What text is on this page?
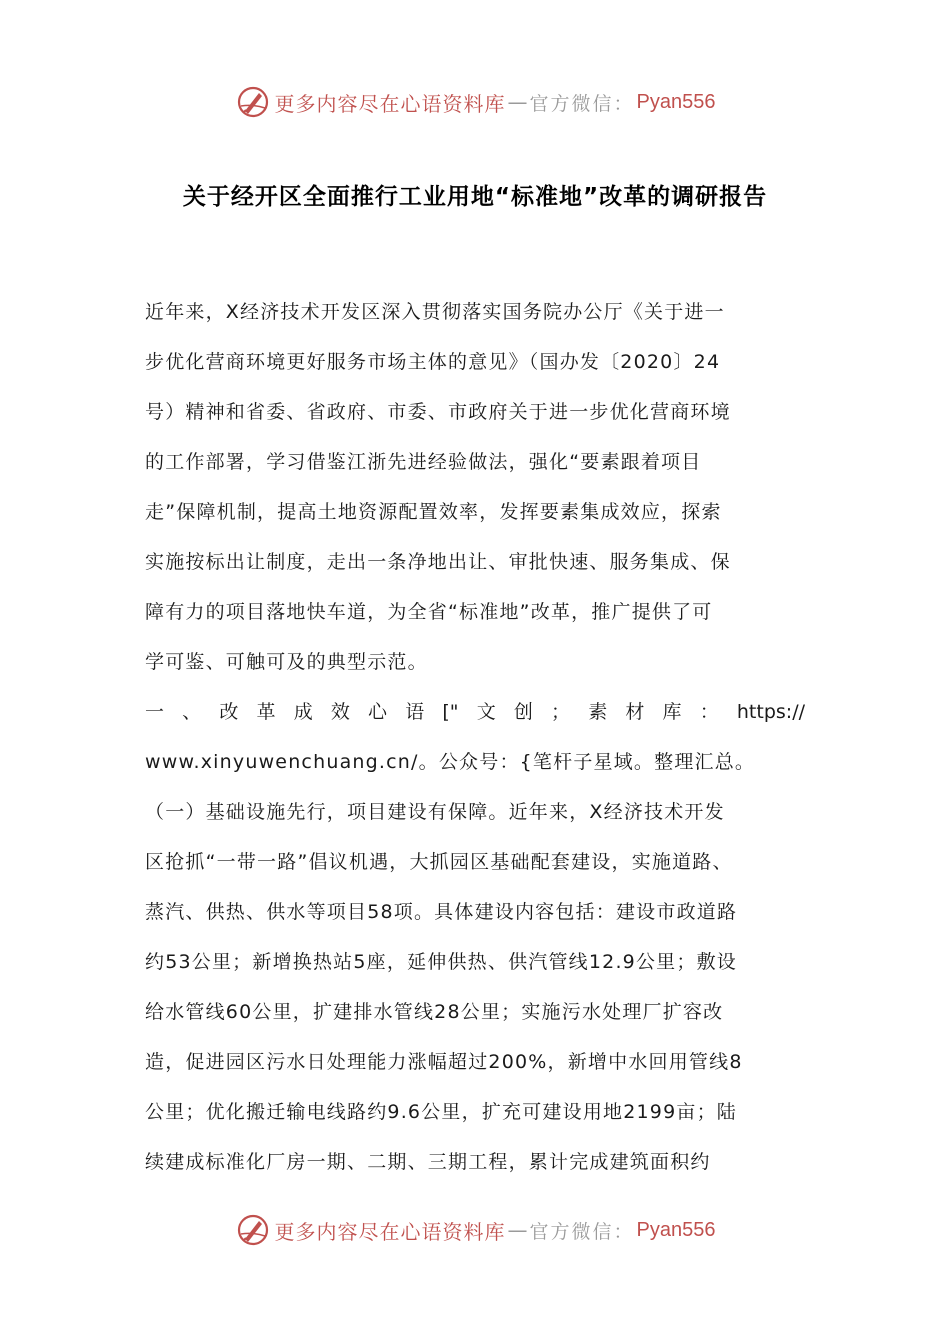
更多内容尽在心语资料库 — 官方微信： Pyan556
关于经开区全面推行工业用地“标准地”改革的调研报告
近年来，X经济技术开发区深入贯彻落实国务院办公厅《关于进一
步优化营商环境更好服务市场主体的意见》（国办发〔2020〕24
号）精神和省委、省政府、市委、市政府关于进一步优化营商环境
的工作部署，学习借鉴江浙先进经验做法，强化“要素跟着项目
走”保障机制，提高土地资源配置效率，发挥要素集成效应，探索
实施按标出让制度，走出一条净地出让、审批快速、服务集成、保
障有力的项目落地快车道，为全省“标准地”改革，推广提供了可
学可鉴、可触可及的典型示范。
一 、 改 革 成 效 心 语 [" 文 创 ； 素 材 库 ： https://
www.xinyuwenchuang.cn/。公众号：{笔杆子星域。整理汇总。
（一）基础设施先行，项目建设有保障。近年来，X经济技术开发
区抢抓“一带一路”倡议机遇，大抓园区基础配套建设，实施道路、
蒸汽、供热、供水等项目58项。具体建设内容包括：建设市政道路
约53公里；新增换热站5座，延伸供热、供汽管线12.9公里；敷设
给水管线60公里，扩建排水管线28公里；实施污水处理厂扩容改
造，促进园区污水日处理能力涨幅超过200%，新增中水回用管线8
公里；优化搬迁输电线路约9.6公里，扩充可建设用地2199亩；陆
续建成标准化厂房一期、二期、三期工程，累计完成建筑面积约
更多内容尽在心语资料库 — 官方微信： Pyan556
